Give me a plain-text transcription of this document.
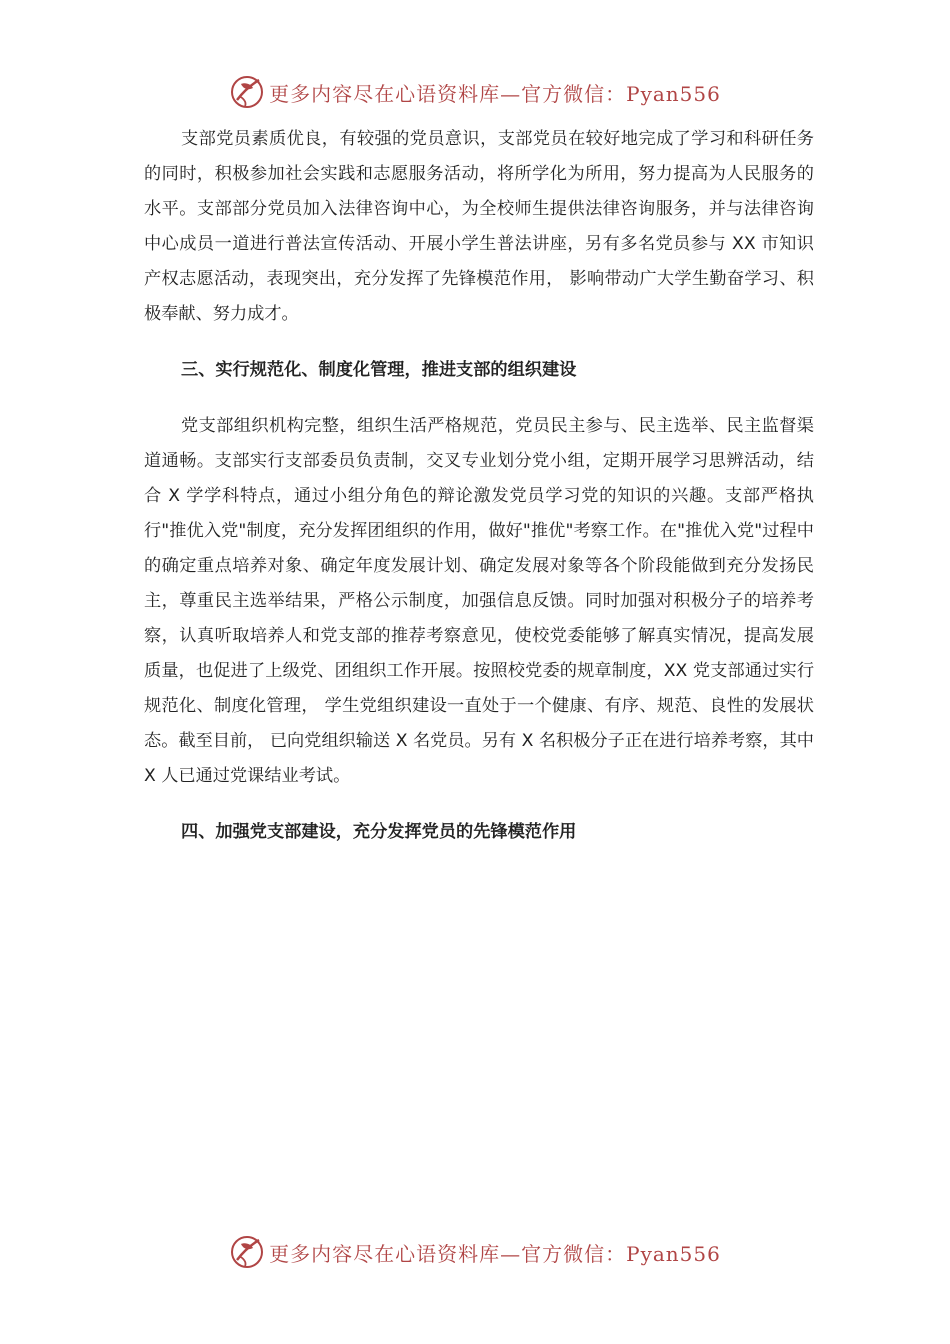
更多内容尽在心语资料库—官方微信：Pyan556

支部党员素质优良，有较强的党员意识，支部党员在较好地完成了学习和科研任务的同时，积极参加社会实践和志愿服务活动，将所学化为所用，努力提高为人民服务的水平。支部部分党员加入法律咨询中心，为全校师生提供法律咨询服务，并与法律咨询中心成员一道进行普法宣传活动、开展小学生普法讲座，另有多名党员参与 XX 市知识产权志愿活动，表现突出，充分发挥了先锋模范作用， 影响带动广大学生勤奋学习、积极奉献、努力成才。

三、实行规范化、制度化管理，推进支部的组织建设

党支部组织机构完整，组织生活严格规范，党员民主参与、民主选举、民主监督渠道通畅。支部实行支部委员负责制，交叉专业划分党小组，定期开展学习思辨活动，结合 X 学学科特点，通过小组分角色的辩论激发党员学习党的知识的兴趣。支部严格执行"推优入党"制度，充分发挥团组织的作用，做好"推优"考察工作。在"推优入党"过程中的确定重点培养对象、确定年度发展计划、确定发展对象等各个阶段能做到充分发扬民主，尊重民主选举结果，严格公示制度，加强信息反馈。同时加强对积极分子的培养考察，认真听取培养人和党支部的推荐考察意见，使校党委能够了解真实情况，提高发展质量，也促进了上级党、团组织工作开展。按照校党委的规章制度，XX 党支部通过实行规范化、制度化管理， 学生党组织建设一直处于一个健康、有序、规范、良性的发展状态。截至目前， 已向党组织输送 X 名党员。另有 X 名积极分子正在进行培养考察，其中 X 人已通过党课结业考试。

四、加强党支部建设，充分发挥党员的先锋模范作用

更多内容尽在心语资料库—官方微信：Pyan556
